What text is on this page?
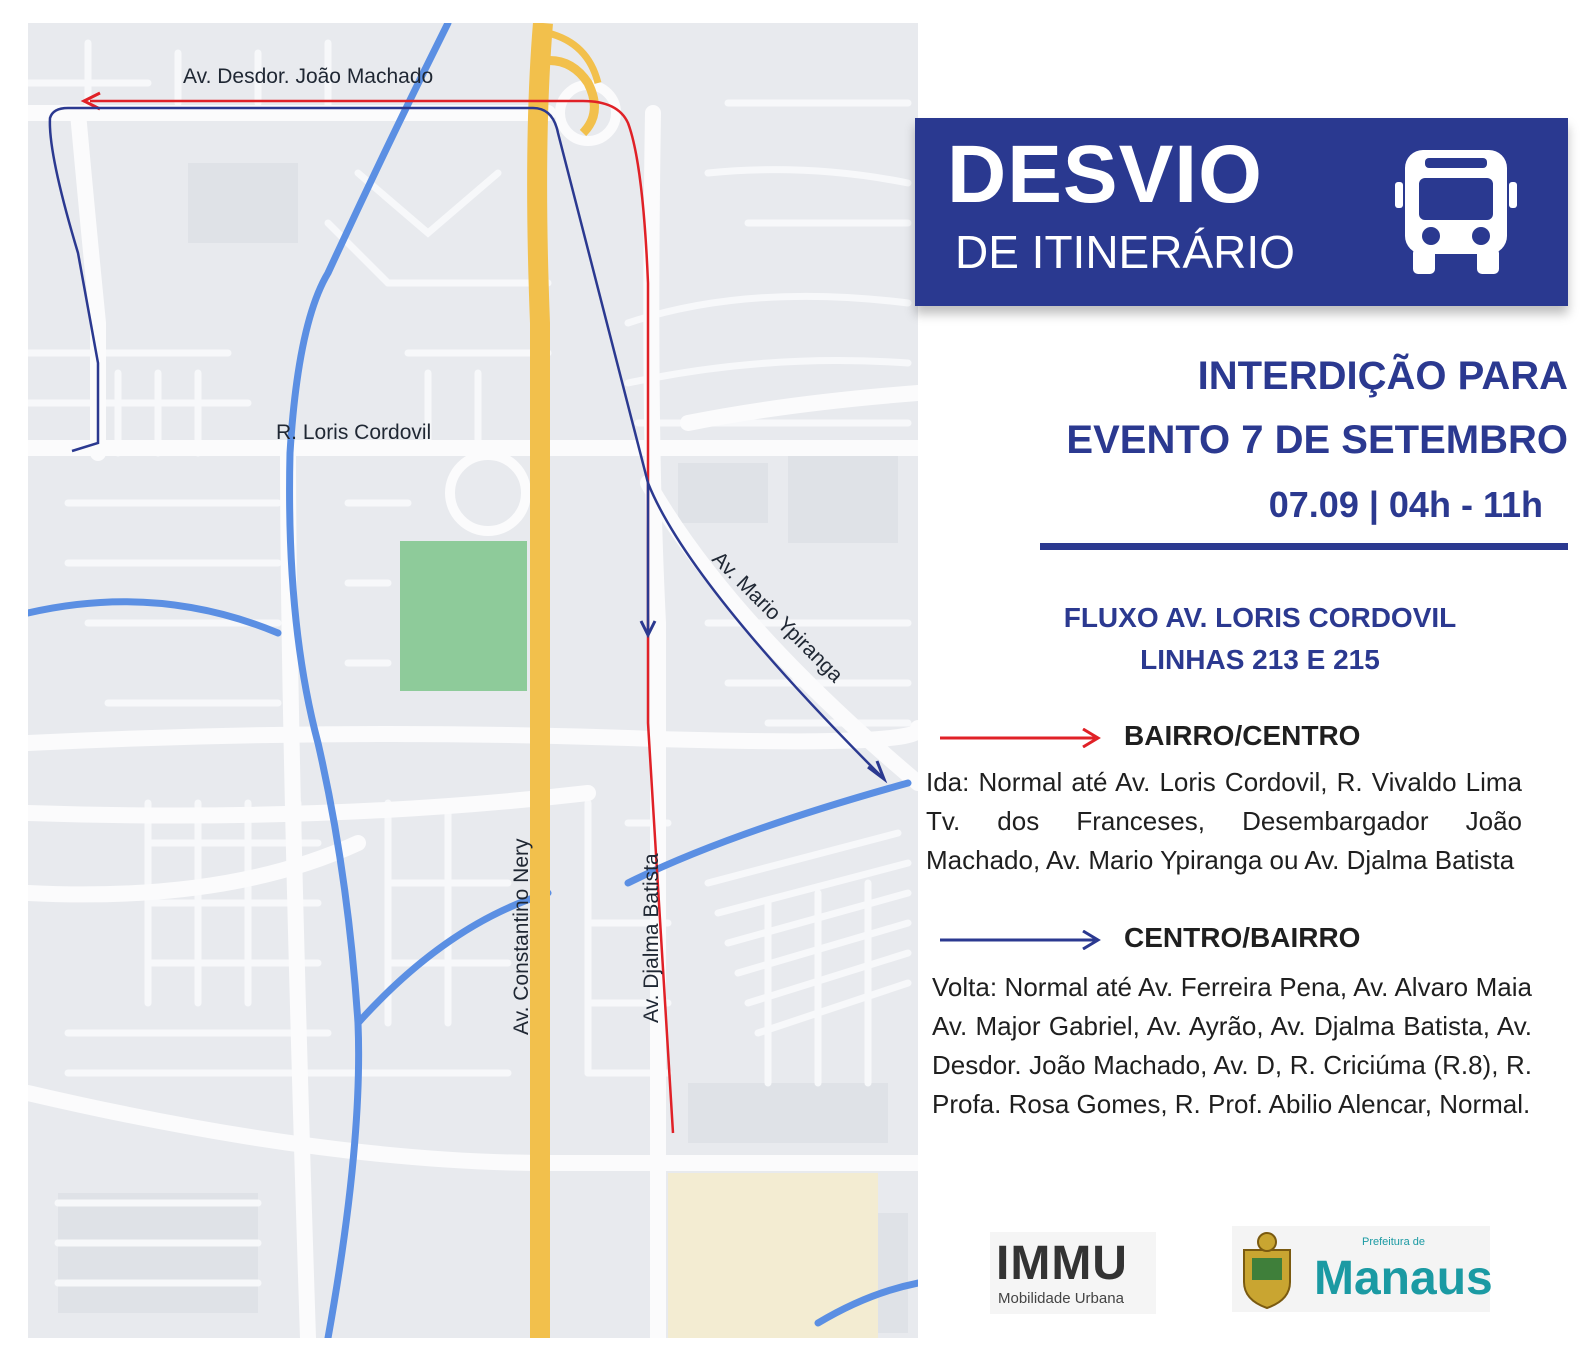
Av. Desdor. João Machado
R. Loris Cordovil
Av. Mario Ypiranga
Av. Constantino Nery	Av. Djalma Batista
DESVIO
DE ITINERÁRIO
INTERDIÇÃO PARA
EVENTO 7 DE SETEMBRO
07.09 | 04h - 11h
FLUXO AV. LORIS CORDOVIL
LINHAS 213 E 215
BAIRRO/CENTRO
Ida: Normal até Av. Loris Cordovil, R. Vivaldo Lima Tv. dos Franceses, Desembargador João Machado, Av. Mario Ypiranga ou Av. Djalma Batista
CENTRO/BAIRRO
Volta: Normal até Av. Ferreira Pena, Av. Alvaro Maia Av. Major Gabriel, Av. Ayrão, Av. Djalma Batista, Av. Desdor. João Machado, Av. D, R. Criciúma (R.8), R. Profa. Rosa Gomes, R. Prof. Abilio Alencar, Normal.
IMMU
Mobilidade Urbana
Prefeitura de
Manaus
